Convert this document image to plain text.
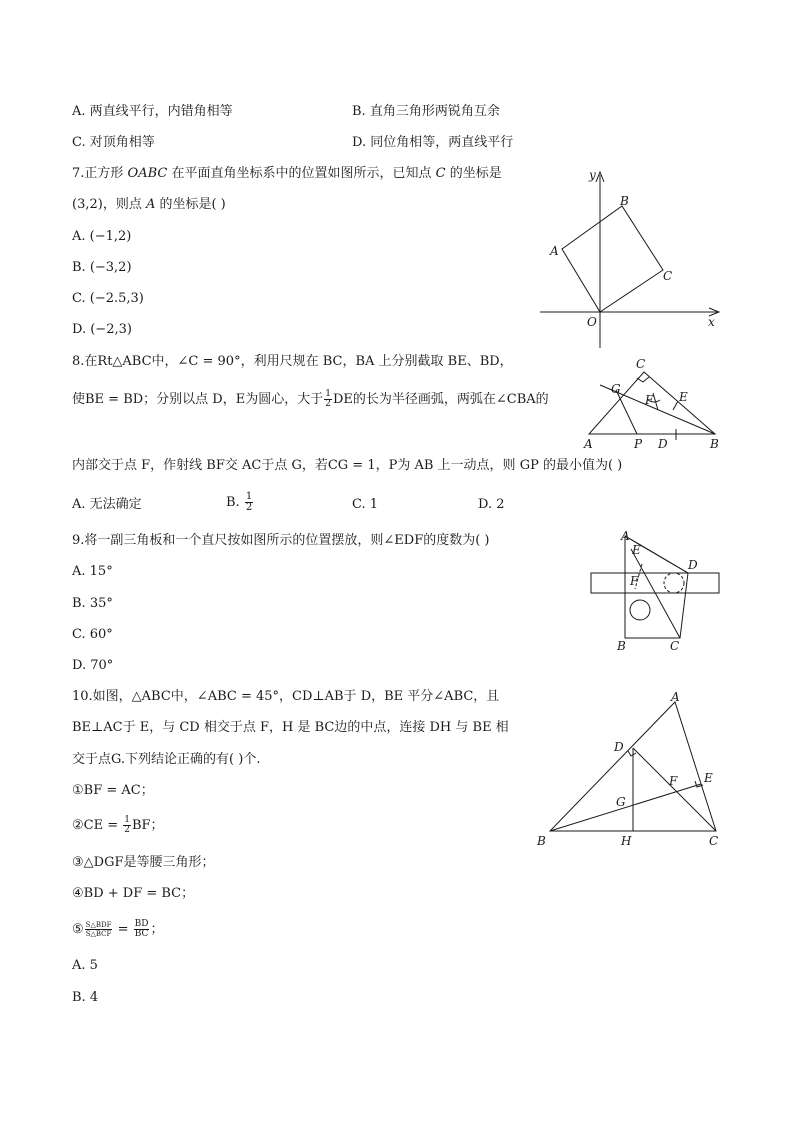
A. 两直线平行，内错角相等	B. 直角三角形两锐角互余
C. 对顶角相等	D. 同位角相等，两直线平行
7.正方形 OABC 在平面直角坐标系中的位置如图所示，已知点 C 的坐标是
(3,2)，则点 A 的坐标是( )
A. (−1,2)
B. (−3,2)
C. (−2.5,3)
D. (−2,3)
y
x
O
A
B
C
8.在Rt△ABC中，∠C = 90°，利用尺规在 BC，BA 上分别截取 BE、BD，
使BE = BD；分别以点 D，E为圆心，大于 $\frac{1}{2}$ DE的长为半径画弧，两弧在∠CBA的
内部交于点 F，作射线 BF交 AC于点 G，若CG = 1，P为 AB 上一动点，则 GP 的最小值为( )
A. 无法确定	B. $\frac{1}{2}$	C. 1	D. 2
C
G
E
F
A	P D	B
9.将一副三角板和一个直尺按如图所示的位置摆放，则∠EDF的度数为( )
A. 15°
B. 35°
C. 60°
D. 70°
A
E
D
F
B	C
10.如图，△ABC中，∠ABC = 45°，CD⊥AB于 D，BE 平分∠ABC，且
BE⊥AC于 E，与 CD 相交于点 F，H 是 BC边的中点，连接 DH 与 BE 相
交于点G.下列结论正确的有( )个.
①BF = AC；
②CE = $\frac{1}{2}$ BF；
③△DGF是等腰三角形；
④BD + DF = BC；
⑤ $\frac{\text{S△BDF}}{\text{S△BCF}} = \frac{BD}{BC}$ ；
A. 5
B. 4
A
D
E
F
G
B	H	C
